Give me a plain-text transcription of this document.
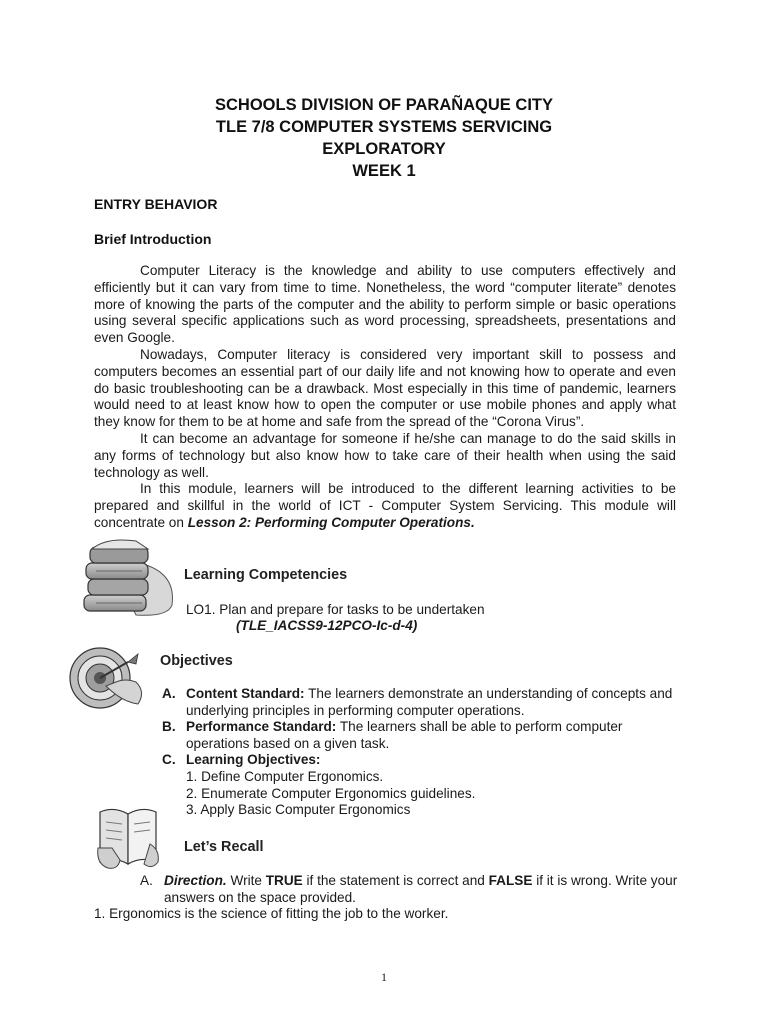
SCHOOLS DIVISION OF PARAÑAQUE CITY
TLE 7/8 COMPUTER SYSTEMS SERVICING
EXPLORATORY
WEEK 1
ENTRY BEHAVIOR
Brief Introduction

Computer Literacy is the knowledge and ability to use computers effectively and efficiently but it can vary from time to time. Nonetheless, the word “computer literate” denotes more of knowing the parts of the computer and the ability to perform simple or basic operations using several specific applications such as word processing, spreadsheets, presentations and even Google.

Nowadays, Computer literacy is considered very important skill to possess and computers becomes an essential part of our daily life and not knowing how to operate and even do basic troubleshooting can be a drawback. Most especially in this time of pandemic, learners would need to at least know how to open the computer or use mobile phones and apply what they know for them to be at home and safe from the spread of the “Corona Virus”.

It can become an advantage for someone if he/she can manage to do the said skills in any forms of technology but also know how to take care of their health when using the said technology as well.

In this module, learners will be introduced to the different learning activities to be prepared and skillful in the world of ICT - Computer System Servicing. This module will concentrate on Lesson 2: Performing Computer Operations.

Learning Competencies
LO1. Plan and prepare for tasks to be undertaken
(TLE_IACSS9-12PCO-Ic-d-4)
Objectives
A. Content Standard: The learners demonstrate an understanding of concepts and underlying principles in performing computer operations.
B. Performance Standard: The learners shall be able to perform computer operations based on a given task.
C. Learning Objectives:
1. Define Computer Ergonomics.
2. Enumerate Computer Ergonomics guidelines.
3. Apply Basic Computer Ergonomics
Let’s Recall
A. Direction. Write TRUE if the statement is correct and FALSE if it is wrong. Write your answers on the space provided.
1. Ergonomics is the science of fitting the job to the worker.
1
